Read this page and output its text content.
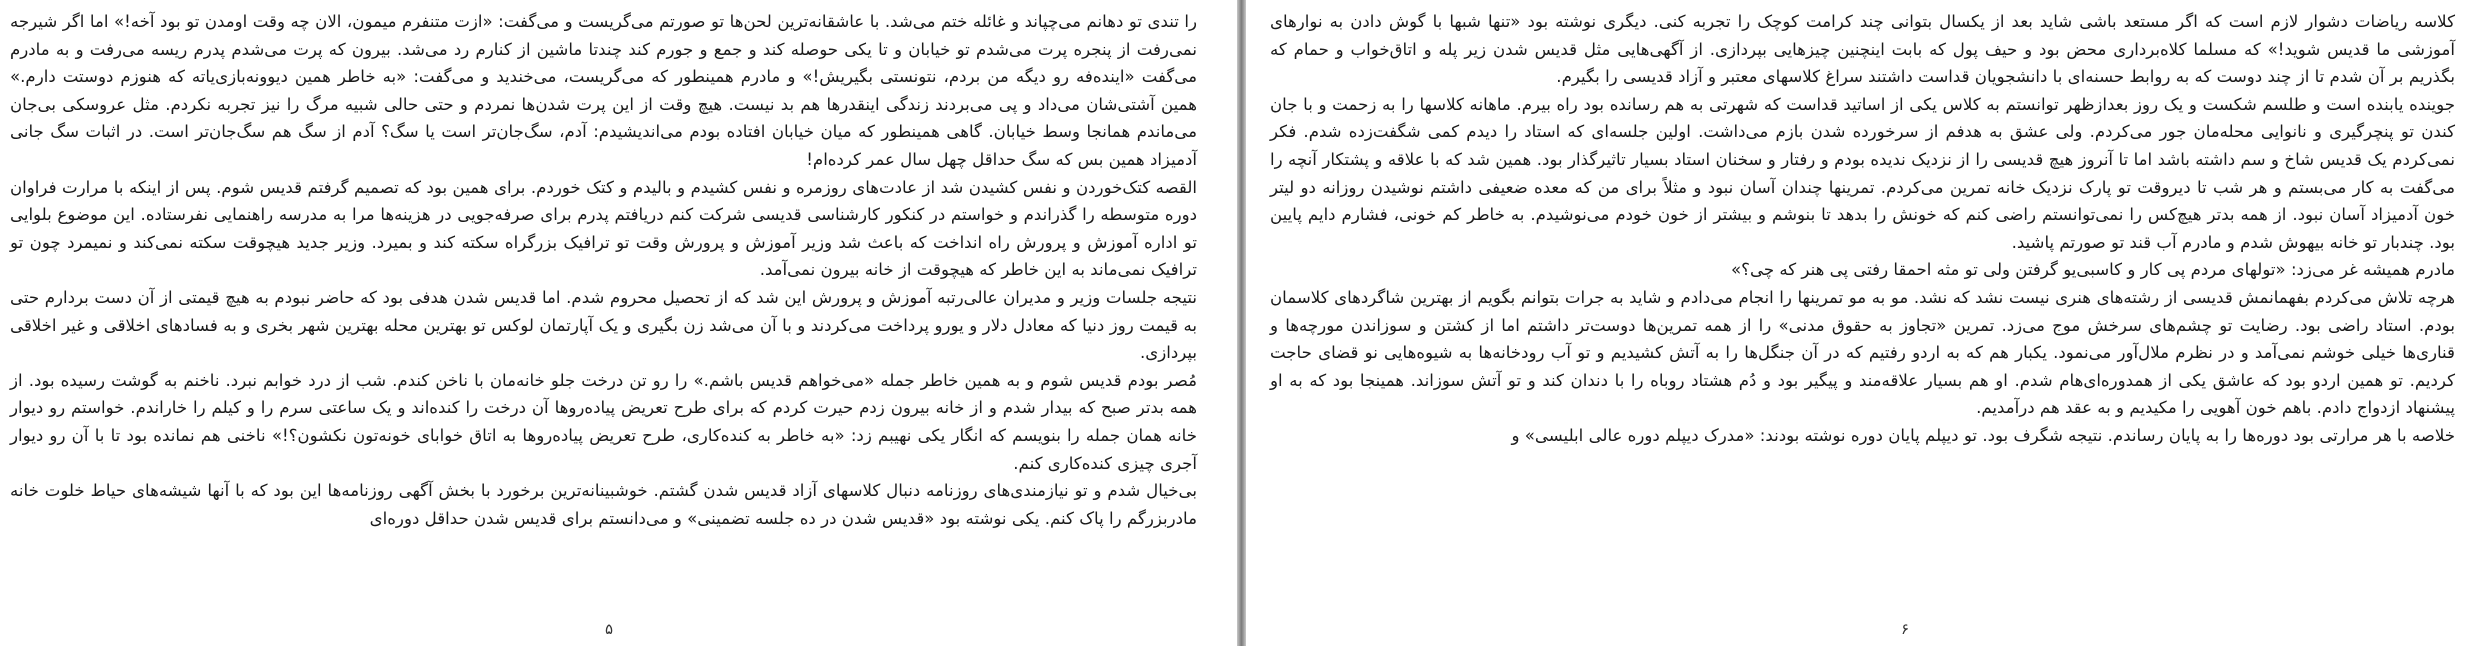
را تندی تو دهانم می‌چپاند و غائله ختم می‌شد. با عاشقانه‌ترین لحن‌ها تو صورتم می‌گریست و می‌گفت: «ازت متنفرم میمون، الان چه وقت اومدن تو بود آخه!» اما اگر شیرجه نمی‌رفت از پنجره پرت می‌شدم تو خیابان و تا یکی حوصله کند و جمع و جورم کند چندتا ماشین از کنارم رد می‌شد. بیرون که پرت می‌شدم پدرم ریسه می‌رفت و به مادرم می‌گفت «اینده‌فه رو دیگه من بردم، نتونستی بگیریش!» و مادرم همینطور که می‌گریست، می‌خندید و می‌گفت: «به خاطر همین دیوونه‌بازی‌یاته که هنوزم دوستت دارم.» همین آشتی‌شان می‌داد و پی می‌بردند زندگی اینقدرها هم بد نیست. هیچ وقت از این پرت شدن‌ها نمردم و حتی حالی شبیه مرگ را نیز تجربه نکردم. مثل عروسکی بی‌جان می‌ماندم همانجا وسط خیابان. گاهی همینطور که میان خیابان افتاده بودم می‌اندیشیدم: آدم، سگ‌جان‌تر است یا سگ؟ آدم از سگ هم سگ‌جان‌تر است. در اثبات سگ جانی آدمیزاد همین بس که سگ حداقل چهل سال عمر کرده‌ام!

القصه کتک‌خوردن و نفس کشیدن شد از عادت‌های روزمره و نفس کشیدم و بالیدم و کتک خوردم. برای همین بود که تصمیم گرفتم قدیس شوم. پس از اینکه با مرارت فراوان دوره متوسطه را گذراندم و خواستم در کنکور کارشناسی قدیسی شرکت کنم دریافتم پدرم برای صرفه‌جویی در هزینه‌ها مرا به مدرسه راهنمایی نفرستاده. این موضوع بلوایی تو اداره آموزش و پرورش راه انداخت که باعث شد وزیر آموزش و پرورش وقت تو ترافیک بزرگراه سکته کند و بمیرد. وزیر جدید هیچوقت سکته نمی‌کند و نمیمرد چون تو ترافیک نمی‌ماند به این خاطر که هیچوقت از خانه بیرون نمی‌آمد.

نتیجه جلسات وزیر و مدیران عالی‌رتبه آموزش و پرورش این شد که از تحصیل محروم شدم. اما قدیس شدن هدفی بود که حاضر نبودم به هیچ قیمتی از آن دست بردارم حتی به قیمت روز دنیا که معادل دلار و یورو پرداخت می‌کردند و با آن می‌شد زن بگیری و یک آپارتمان لوکس تو بهترین محله بهترین شهر بخری و به فسادهای اخلاقی و غیر اخلاقی بپردازی.

مُصر بودم قدیس شوم و به همین خاطر جمله «می‌خواهم قدیس باشم.» را رو تن درخت جلو خانه‌مان با ناخن کندم. شب از درد خوابم نبرد. ناخنم به گوشت رسیده بود. از همه بدتر صبح که بیدار شدم و از خانه بیرون زدم حیرت کردم که برای طرح تعریض پیاده‌روها آن درخت را کنده‌اند و یک ساعتی سرم را و کیلم را خاراندم. خواستم رو دیوار خانه همان جمله را بنویسم که انگار یکی نهیبم زد: «به خاطر به کنده‌کاری، طرح تعریض پیاده‌روها به اتاق خوابای خونه‌تون نکشون؟!» ناخنی هم نمانده بود تا با آن رو دیوار آجری چیزی کنده‌کاری کنم.

بی‌خیال شدم و تو نیازمندی‌های روزنامه دنبال کلاسهای آزاد قدیس شدن گشتم. خوشبینانه‌ترین برخورد با بخش آگهی روزنامه‌ها این بود که با آنها شیشه‌های حیاط خلوت خانه مادربزرگم را پاک کنم. یکی نوشته بود «قدیس شدن در ده جلسه تضمینی» و می‌دانستم برای قدیس شدن حداقل دوره‌ای

۵

کلاسه ریاضات دشوار لازم است که اگر مستعد باشی شاید بعد از یکسال بتوانی چند کرامت کوچک را تجربه کنی. دیگری نوشته بود «تنها شبها با گوش دادن به نوارهای آموزشی ما قدیس شوید!» که مسلما کلاه‌برداری محض بود و حیف پول که بابت اینچنین چیزهایی بپردازی. از آگهی‌هایی مثل قدیس شدن زیر پله و اتاق‌خواب و حمام که بگذریم بر آن شدم تا از چند دوست که به روابط حسنه‌ای با دانشجویان قداست داشتند سراغ کلاسهای معتبر و آزاد قدیسی را بگیرم.

جوینده یابنده است و طلسم شکست و یک روز بعدازظهر توانستم به کلاس یکی از اساتید قداست که شهرتی به هم رسانده بود راه بیرم. ماهانه کلاسها را به زحمت و با جان کندن تو پنچرگیری و نانوایی محله‌مان جور می‌کردم. ولی عشق به هدفم از سرخورده شدن بازم می‌داشت. اولین جلسه‌ای که استاد را دیدم کمی شگفت‌زده شدم. فکر نمی‌کردم یک قدیس شاخ و سم داشته باشد اما تا آنروز هیچ قدیسی را از نزدیک ندیده بودم و رفتار و سخنان استاد بسیار تاثیرگذار بود. همین شد که با علاقه و پشتکار آنچه را می‌گفت به کار می‌بستم و هر شب تا دیروقت تو پارک نزدیک خانه تمرین می‌کردم. تمرینها چندان آسان نبود و مثلاً برای من که معده ضعیفی داشتم نوشیدن روزانه دو لیتر خون آدمیزاد آسان نبود. از همه بدتر هیچ‌کس را نمی‌توانستم راضی کنم که خونش را بدهد تا بنوشم و بیشتر از خون خودم می‌نوشیدم. به خاطر کم خونی، فشارم دایم پایین بود. چندبار تو خانه بیهوش شدم و مادرم آب قند تو صورتم پاشید.

مادرم همیشه غر می‌زد: «تولهای مردم پی کار و کاسبی‌یو گرفتن ولی تو مثه احمقا رفتی پی هنر که چی؟»

هرچه تلاش می‌کردم بفهمانمش قدیسی از رشته‌های هنری نیست نشد که نشد. مو به مو تمرینها را انجام می‌دادم و شاید به جرات بتوانم بگویم از بهترین شاگردهای کلاسمان بودم. استاد راضی بود. رضایت تو چشم‌های سرخش موج می‌زد. تمرین «تجاوز به حقوق مدنی» را از همه تمرین‌ها دوست‌تر داشتم اما از کشتن و سوزاندن مورچه‌ها و قناری‌ها خیلی خوشم نمی‌آمد و در نظرم ملال‌آور می‌نمود. یکبار هم که به اردو رفتیم که در آن جنگل‌ها را به آتش کشیدیم و تو آب رودخانه‌ها به شیوه‌هایی نو قضای حاجت کردیم. تو همین اردو بود که عاشق یکی از همدوره‌ای‌هام شدم. او هم بسیار علاقه‌مند و پیگیر بود و دُم هشتاد روباه را با دندان کند و تو آتش سوزاند. همینجا بود که به او پیشنهاد ازدواج دادم. باهم خون آهویی را مکیدیم و به عقد هم درآمدیم.

خلاصه با هر مرارتی بود دوره‌ها را به پایان رساندم. نتیجه شگرف بود. تو دیپلم پایان دوره نوشته بودند: «مدرک دیپلم دوره عالی ابلیسی» و

۶
